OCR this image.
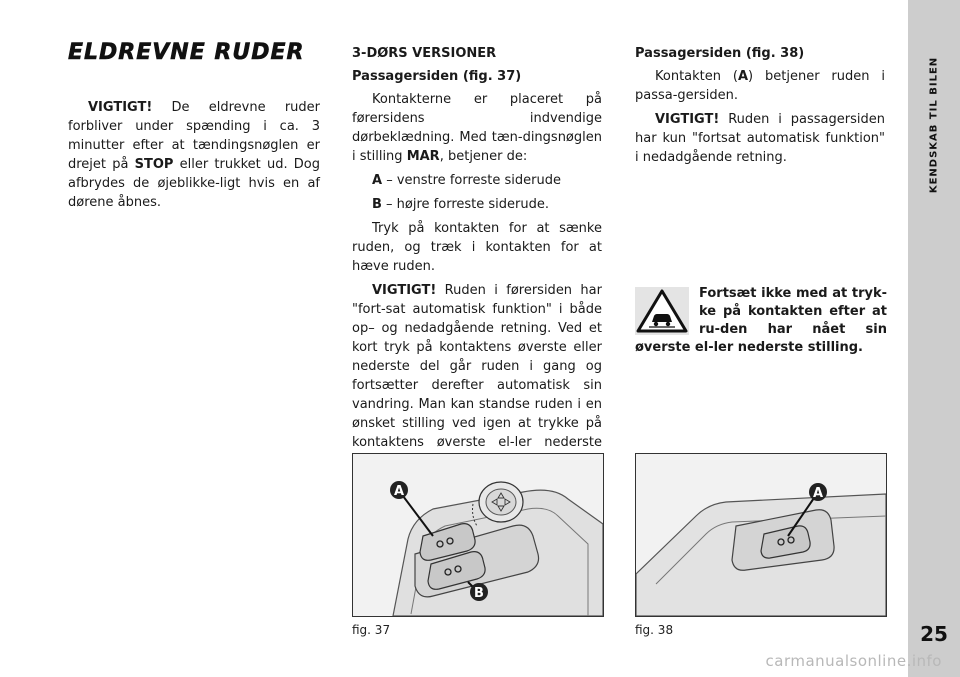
ELDREVNE RUDER

VIGTIGT! De eldrevne ruder forbliver under spænding i ca. 3 minutter efter at tændingsnøglen er drejet på STOP eller trukket ud. Dog afbrydes de øjeblikke-ligt hvis en af dørene åbnes.

3-DØRS VERSIONER

Passagersiden (fig. 37)

Kontakterne er placeret på førersidens indvendige dørbeklædning. Med tæn-dingsnøglen i stilling MAR, betjener de:

A – venstre forreste siderude

B – højre forreste siderude.

Tryk på kontakten for at sænke ruden, og træk i kontakten for at hæve ruden.

VIGTIGT! Ruden i førersiden har "fort-sat automatisk funktion" i både op– og nedadgående retning. Ved et kort tryk på kontaktens øverste eller nederste del går ruden i gang og fortsætter derefter automatisk sin vandring. Man kan standse ruden i en ønsket stilling ved igen at trykke på kontaktens øverste el-ler nederste

Passagersiden (fig. 38)

Kontakten (A) betjener ruden i passa-gersiden.

VIGTIGT! Ruden i passagersiden har kun "fortsat automatisk funktion" i nedadgående retning.

Fortsæt ikke med at tryk-ke på kontakten efter at ru-den har nået sin øverste el-ler nederste stilling.

A
B
fig. 37
A
fig. 38
KENDSKAB TIL BILEN
25
carmanualsonline.info
